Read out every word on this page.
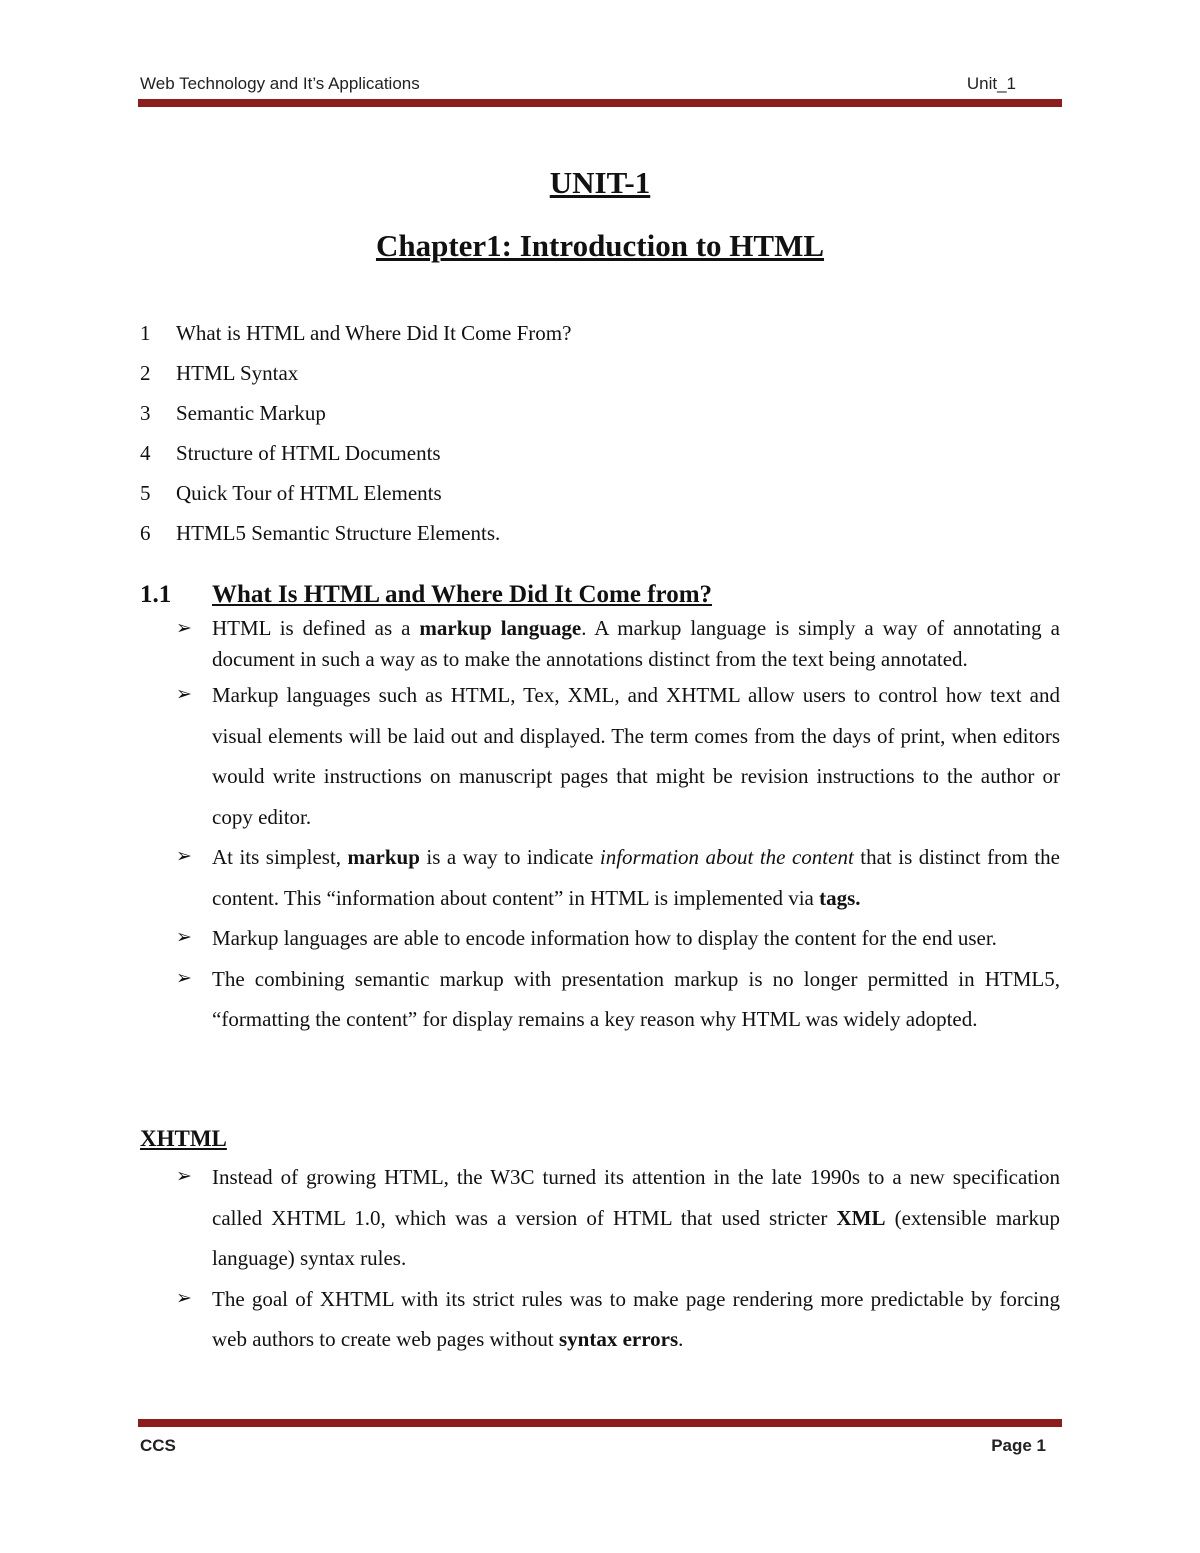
Web Technology and It’s Applications	Unit_1
UNIT-1
Chapter1: Introduction to HTML
1 What is HTML and Where Did It Come From?
2 HTML Syntax
3 Semantic Markup
4 Structure of HTML Documents
5 Quick Tour of HTML Elements
6 HTML5 Semantic Structure Elements.
1.1 What Is HTML and Where Did It Come from?
➢ HTML is defined as a markup language. A markup language is simply a way of annotating a document in such a way as to make the annotations distinct from the text being annotated.
➢ Markup languages such as HTML, Tex, XML, and XHTML allow users to control how text and visual elements will be laid out and displayed. The term comes from the days of print, when editors would write instructions on manuscript pages that might be revision instructions to the author or copy editor.
➢ At its simplest, markup is a way to indicate information about the content that is distinct from the content. This “information about content” in HTML is implemented via tags.
➢ Markup languages are able to encode information how to display the content for the end user.
➢ The combining semantic markup with presentation markup is no longer permitted in HTML5, “formatting the content” for display remains a key reason why HTML was widely adopted.
XHTML
➢ Instead of growing HTML, the W3C turned its attention in the late 1990s to a new specification called XHTML 1.0, which was a version of HTML that used stricter XML (extensible markup language) syntax rules.
➢ The goal of XHTML with its strict rules was to make page rendering more predictable by forcing web authors to create web pages without syntax errors.
CCS	Page 1
